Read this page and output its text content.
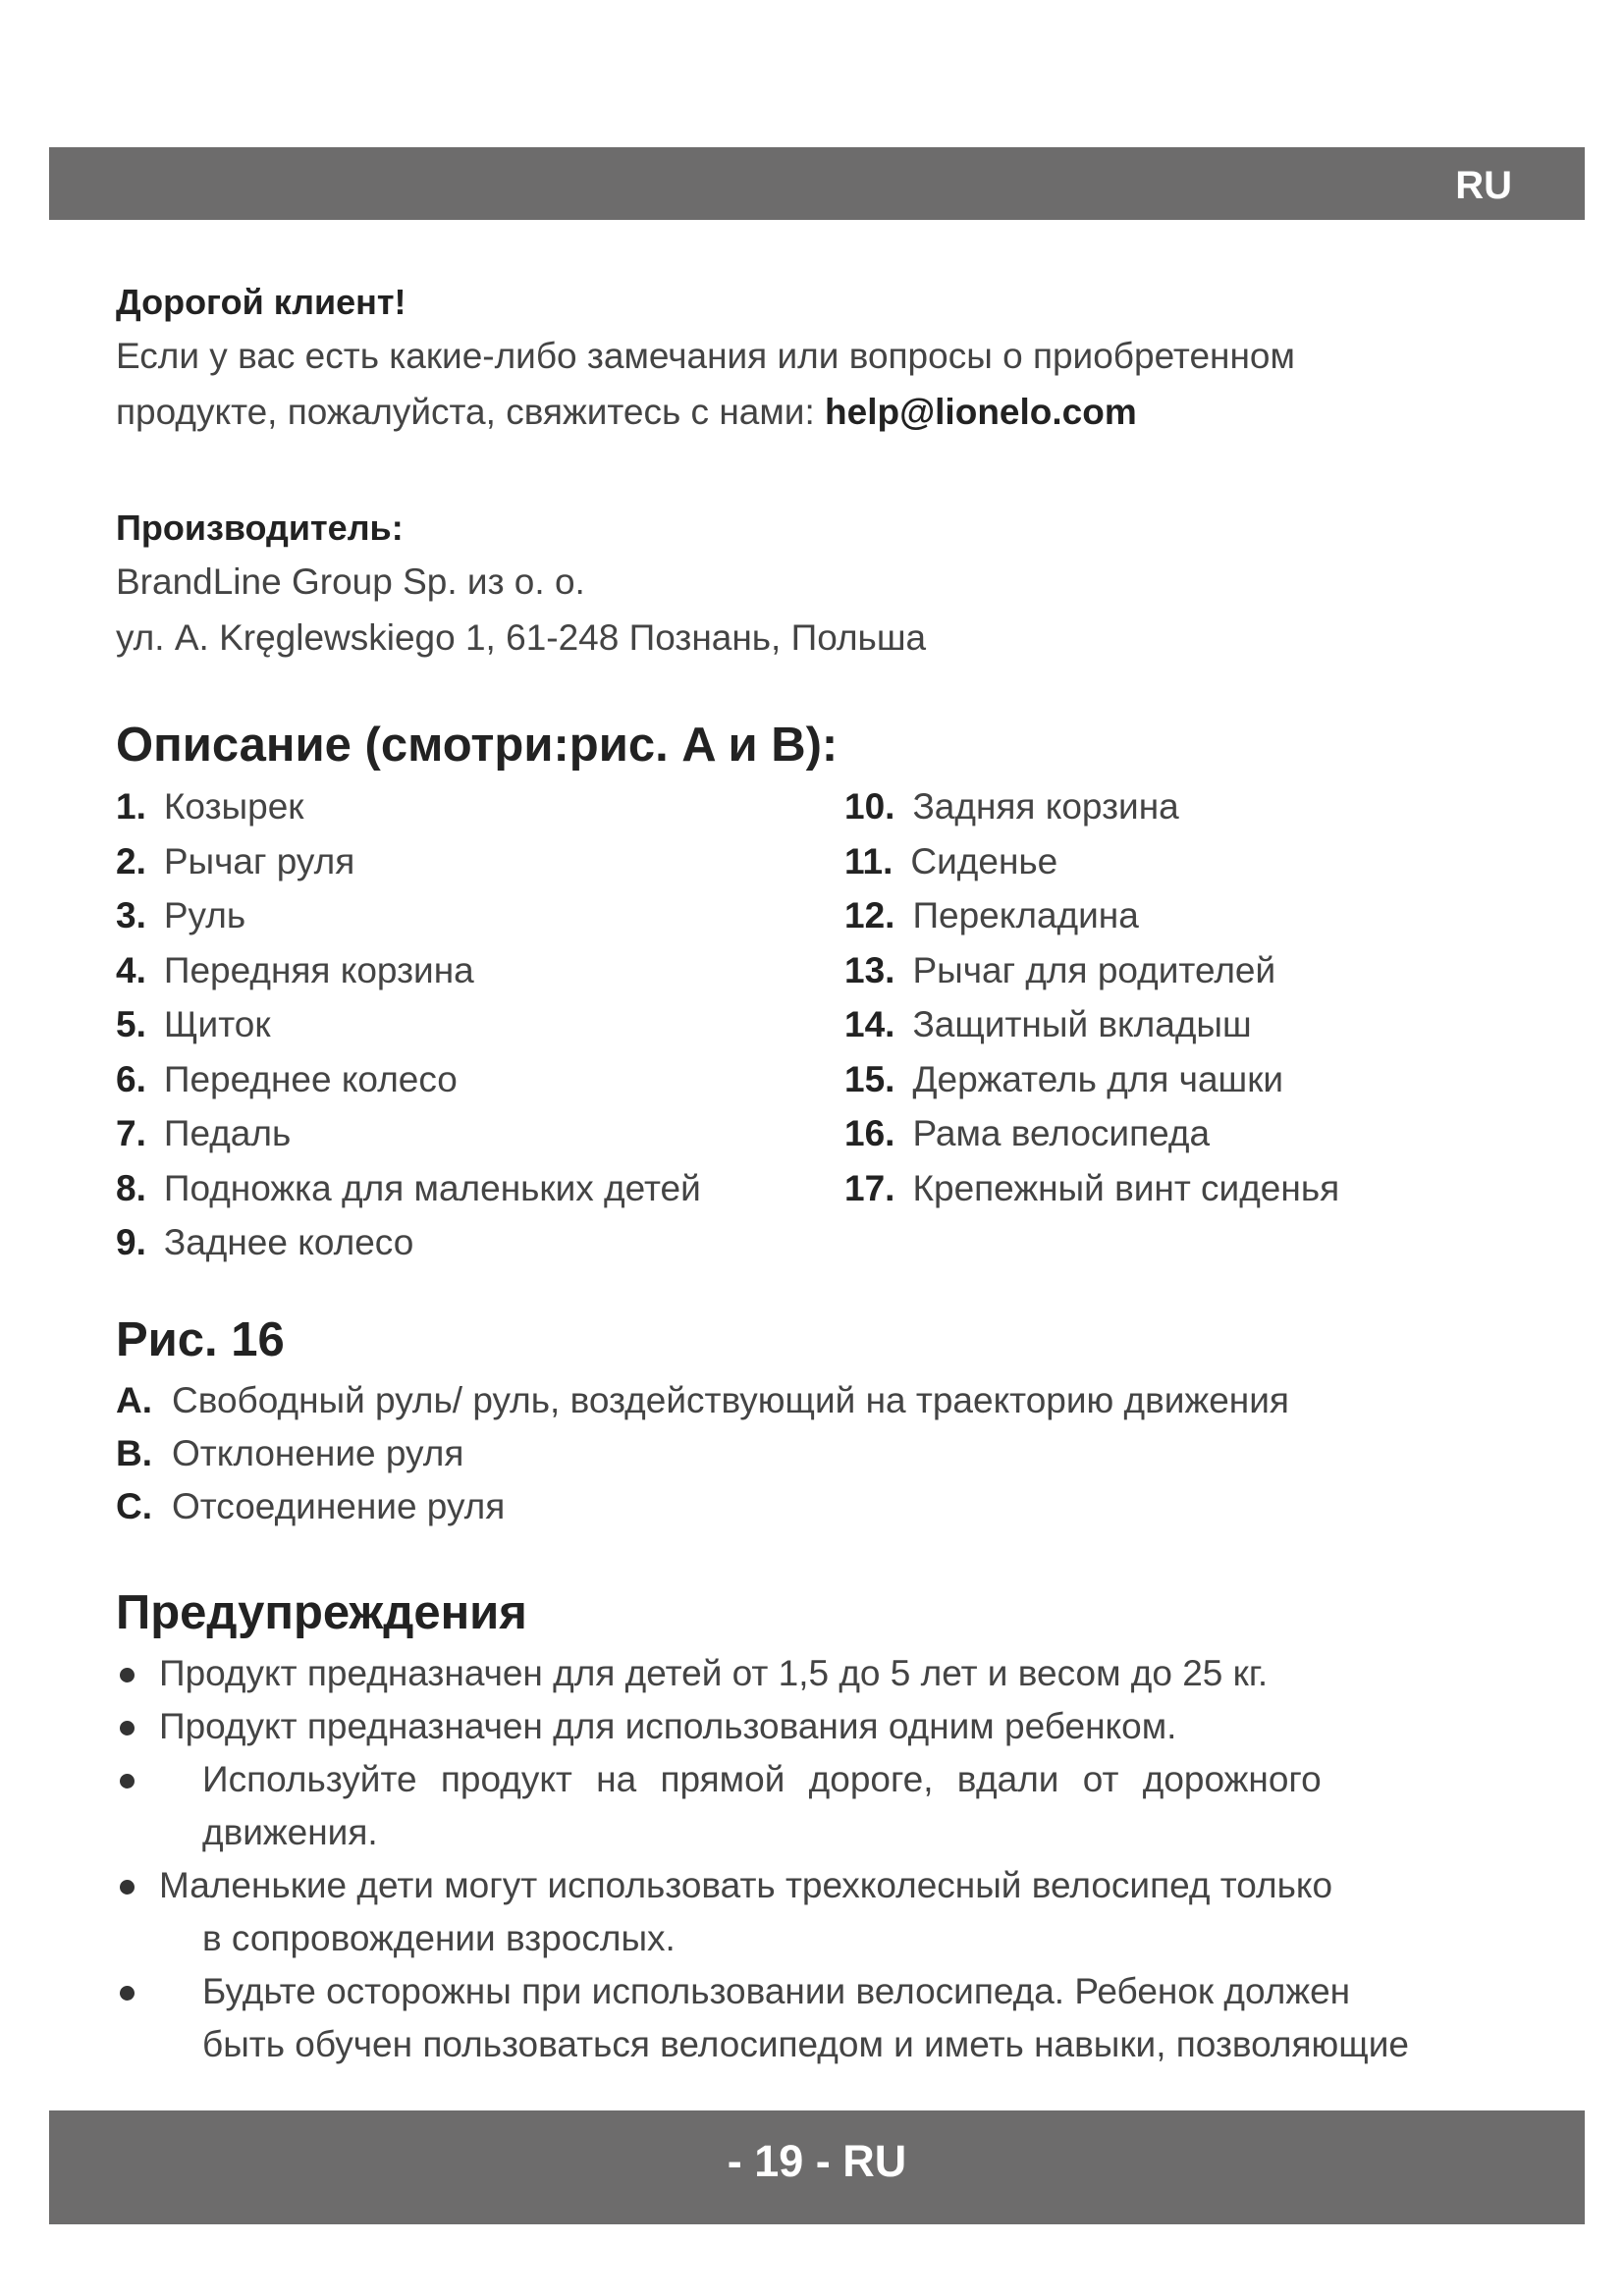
RU

Дорогой клиент!

Если у вас есть какие-либо замечания или вопросы о приобретенном

продукте, пожалуйста, свяжитесь с нами: help@lionelo.com

Производитель:

BrandLine Group Sp. из о. о.

ул. A. Kręglewskiego 1, 61-248 Познань, Польша

Описание (смотри:рис. A и B):

1. Козырек
2. Рычаг руля
3. Руль
4. Передняя корзина
5. Щиток
6. Переднее колесо
7. Педаль
8. Подножка для маленьких детей
9. Заднее колесо
10. Задняя корзина
11. Сиденье
12. Перекладина
13. Рычаг для родителей
14. Защитный вкладыш
15. Держатель для чашки
16. Рама велосипеда
17. Крепежный винт сиденья

Рис. 16

A. Свободный руль/ руль, воздействующий на траекторию движения
B. Отклонение руля
C. Отсоединение руля

Предупреждения

Продукт предназначен для детей от 1,5 до 5 лет и весом до 25 кг.
Продукт предназначен для использования одним ребенком.
Используйте продукт на прямой дороге, вдали от дорожного
движения.
Маленькие дети могут использовать трехколесный велосипед только
в сопровождении взрослых.
Будьте осторожны при использовании велосипеда. Ребенок должен
быть обучен пользоваться велосипедом и иметь навыки, позволяющие
- 19 - RU
